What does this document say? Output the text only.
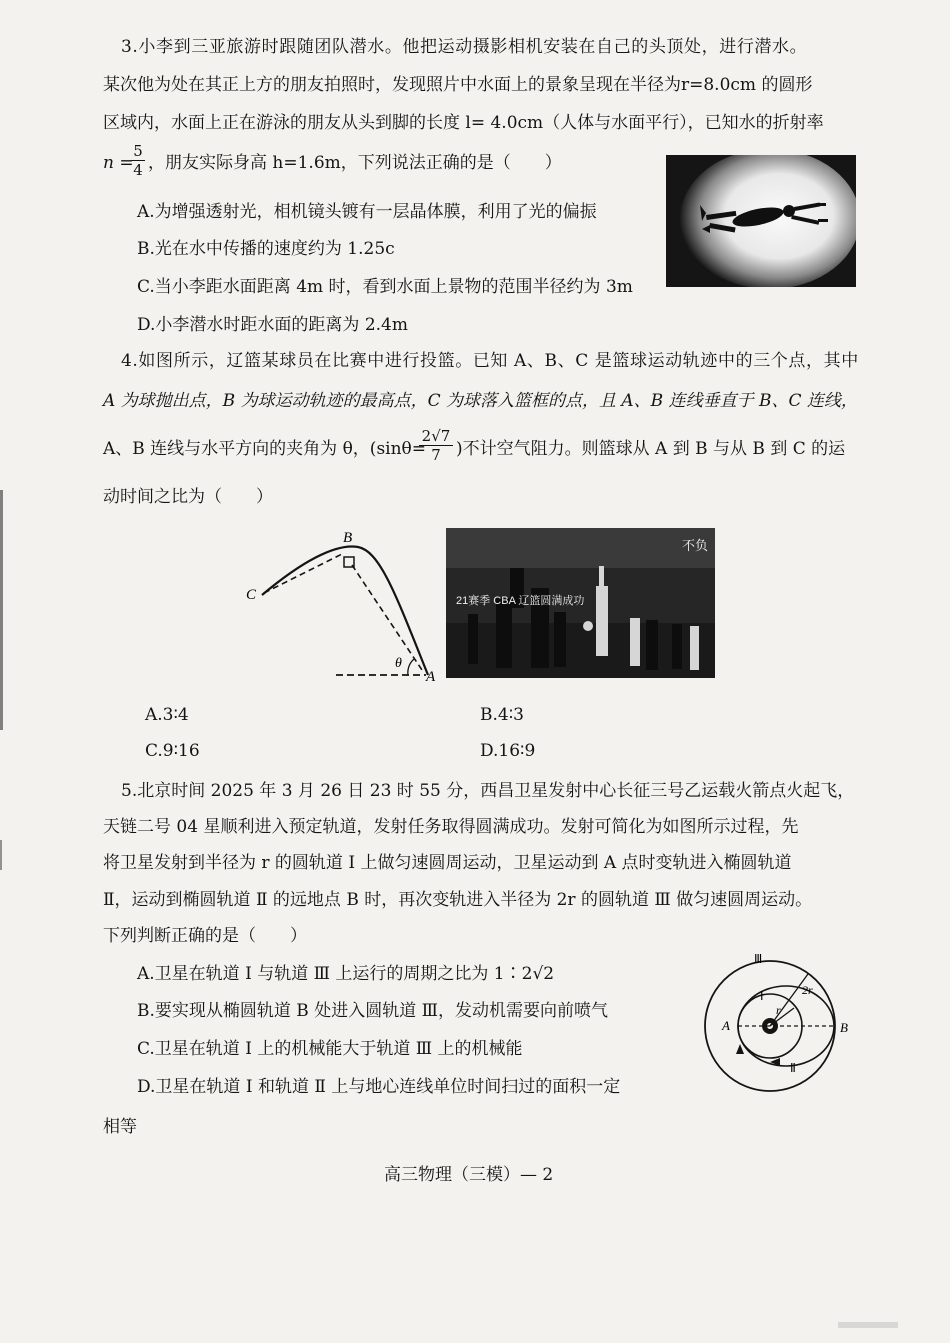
3.小李到三亚旅游时跟随团队潜水。他把运动摄影相机安装在自己的头顶处，进行潜水。
某次他为处在其正上方的朋友拍照时，发现照片中水面上的景象呈现在半径为r=8.0cm 的圆形
区域内，水面上正在游泳的朋友从头到脚的长度 l= 4.0cm（人体与水面平行），已知水的折射率
n =
5
4 ，朋友实际身高 h=1.6m，下列说法正确的是（　　）
A.为增强透射光，相机镜头镀有一层晶体膜，利用了光的偏振
B.光在水中传播的速度约为 1.25c
C.当小李距水面距离 4m 时，看到水面上景物的范围半径约为 3m
D.小李潜水时距水面的距离为 2.4m
4.如图所示，辽篮某球员在比赛中进行投篮。已知 A、B、C 是篮球运动轨迹中的三个点，其中
A 为球抛出点，B 为球运动轨迹的最高点，C 为球落入篮框的点，且 A、B 连线垂直于 B、C 连线，
A、B 连线与水平方向的夹角为 θ，(sinθ=
2√7
7 )不计空气阻力。则篮球从 A 到 B 与从 B 到 C 的运
动时间之比为（　　）
B
C
A
θ
21赛季 CBA 辽篮圆满成功
不负
A.3∶4	B.4∶3
C.9∶16	D.16∶9
5.北京时间 2025 年 3 月 26 日 23 时 55 分，西昌卫星发射中心长征三号乙运载火箭点火起飞，
天链二号 04 星顺利进入预定轨道，发射任务取得圆满成功。发射可简化为如图所示过程，先
将卫星发射到半径为 r 的圆轨道 Ⅰ 上做匀速圆周运动，卫星运动到 A 点时变轨进入椭圆轨道
Ⅱ，运动到椭圆轨道 Ⅱ 的远地点 B 时，再次变轨进入半径为 2r 的圆轨道 Ⅲ 做匀速圆周运动。
下列判断正确的是（　　）
A.卫星在轨道 Ⅰ 与轨道 Ⅲ 上运行的周期之比为 1∶2√2
B.要实现从椭圆轨道 B 处进入圆轨道 Ⅲ，发动机需要向前喷气
C.卫星在轨道 Ⅰ 上的机械能大于轨道 Ⅲ 上的机械能
D.卫星在轨道 Ⅰ 和轨道 Ⅱ 上与地心连线单位时间扫过的面积一定
相等
Ⅲ
Ⅰ
Ⅱ
r
2r
A	B
高三物理（三模）— 2
